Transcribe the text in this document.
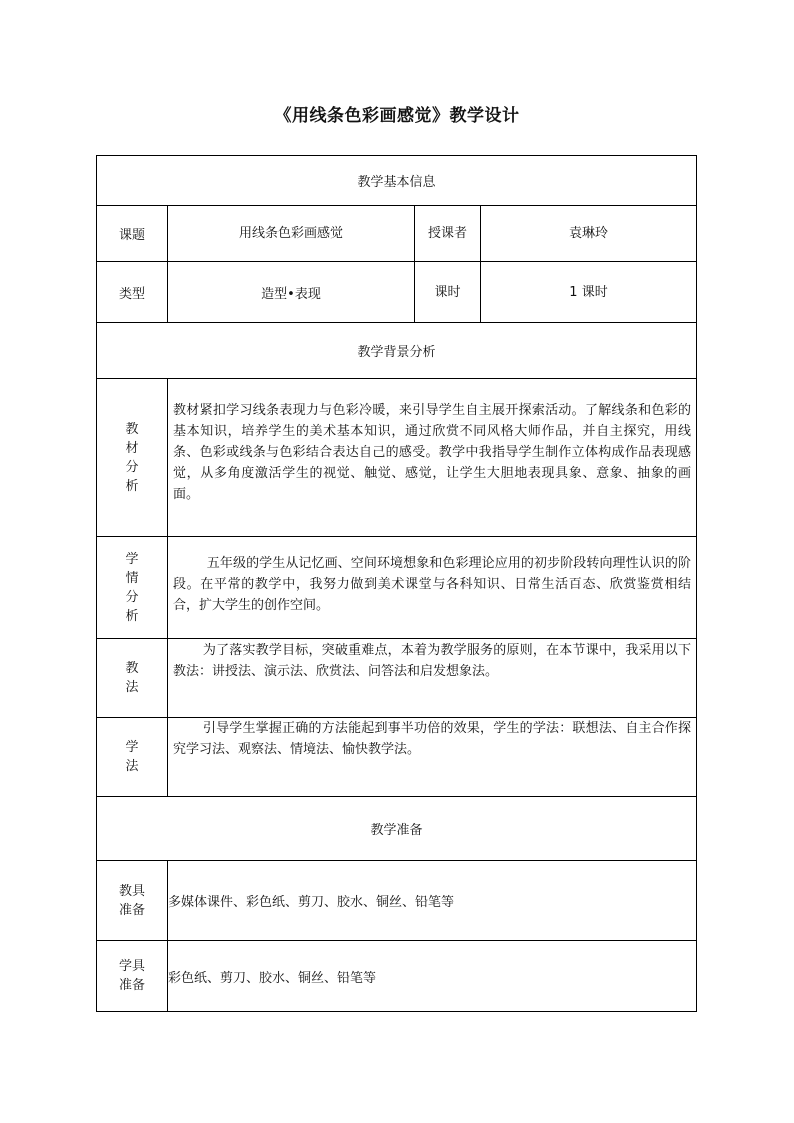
《用线条色彩画感觉》教学设计
教学基本信息			
课题	用线条色彩画感觉	授课者	袁琳玲
类型	造型•表现	课时	1 课时
教学背景分析			

教
材
分
析	教材紧扣学习线条表现力与色彩冷暖，来引导学生自主展开探索活动。了解线条和色彩的基本知识，培养学生的美术基本知识，通过欣赏不同风格大师作品，并自主探究，用线条、色彩或线条与色彩结合表达自己的感受。教学中我指导学生制作立体构成作品表现感觉，从多角度激活学生的视觉、触觉、感觉，让学生大胆地表现具象、意象、抽象的画面。		

学
情
分
析	五年级的学生从记忆画、空间环境想象和色彩理论应用的初步阶段转向理性认识的阶段。在平常的教学中，我努力做到美术课堂与各科知识、日常生活百态、欣赏鉴赏相结合，扩大学生的创作空间。		

教
法	为了落实教学目标，突破重难点，本着为教学服务的原则，在本节课中，我采用以下教法：讲授法、演示法、欣赏法、问答法和启发想象法。		

学
法	引导学生掌握正确的方法能起到事半功倍的效果，学生的学法：联想法、自主合作探究学习法、观察法、情境法、愉快教学法。		
教学准备			

教具
准备	多媒体课件、彩色纸、剪刀、胶水、铜丝、铅笔等		

学具
准备	彩色纸、剪刀、胶水、铜丝、铅笔等		
